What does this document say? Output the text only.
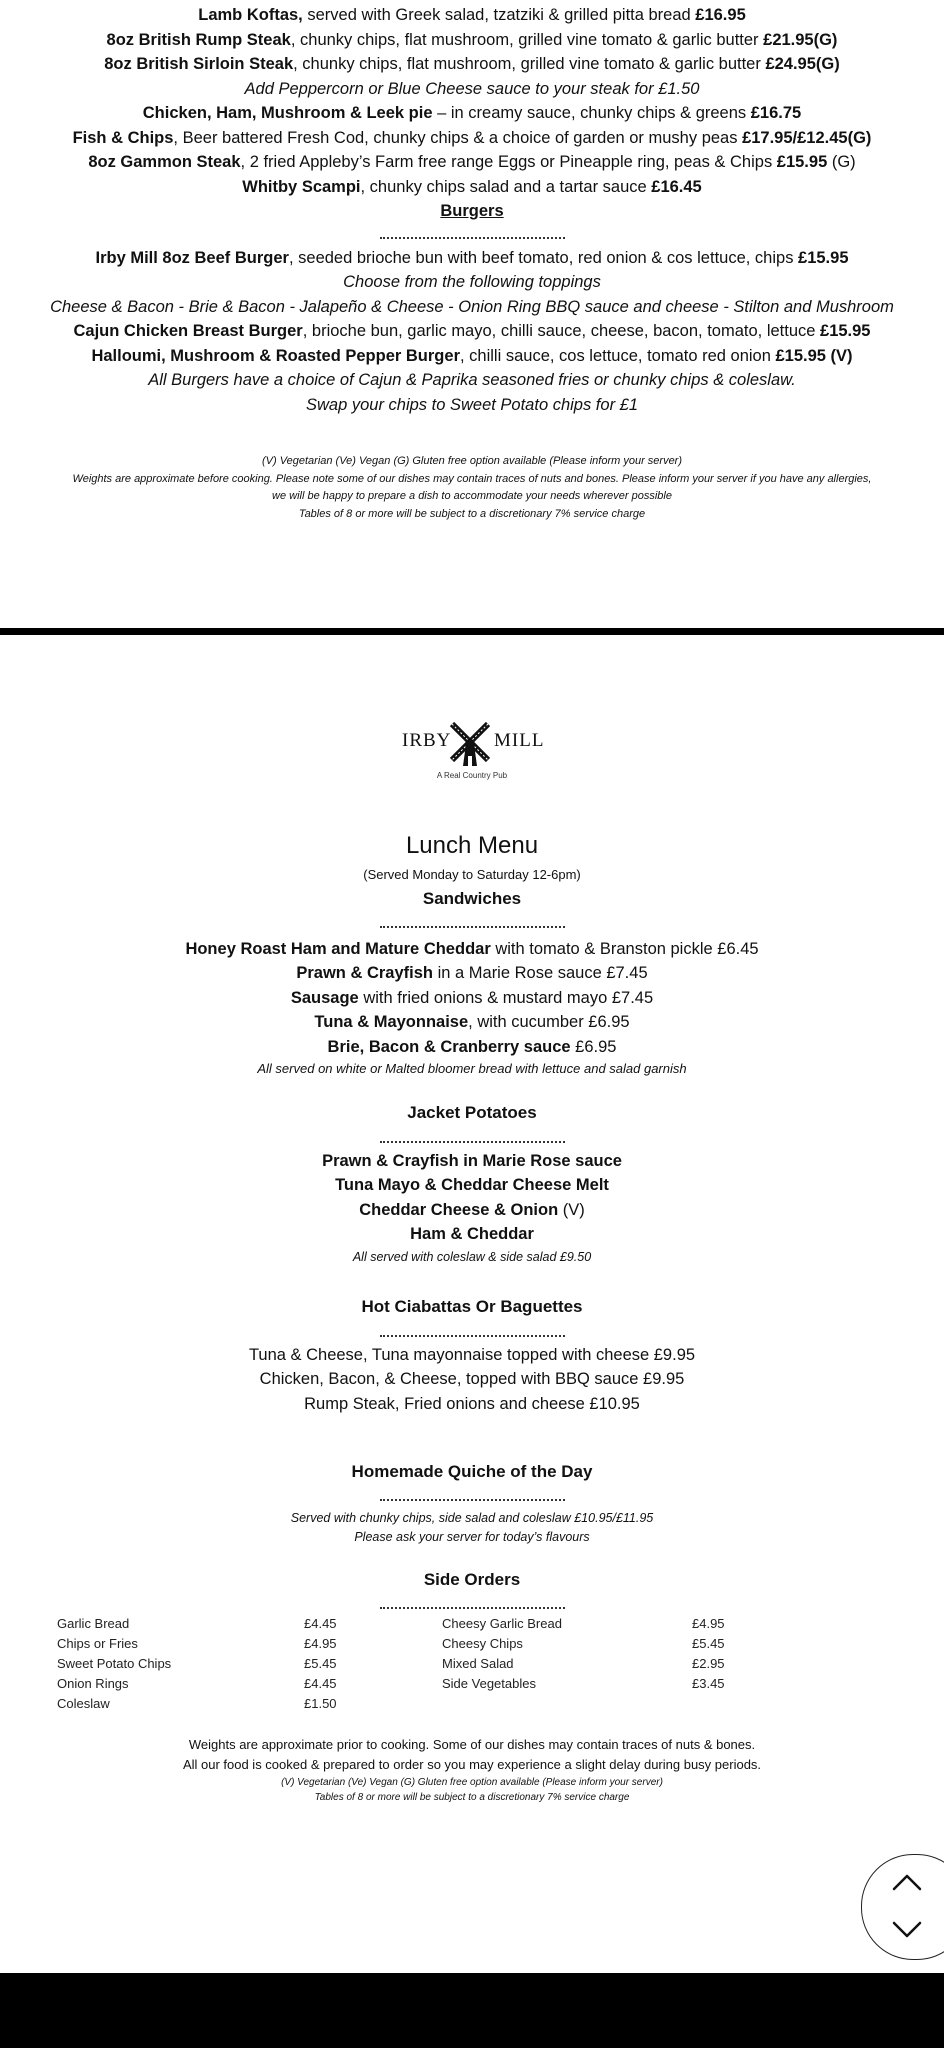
Lamb Koftas, served with Greek salad, tzatziki & grilled pitta bread £16.95
8oz British Rump Steak, chunky chips, flat mushroom, grilled vine tomato & garlic butter £21.95(G)
8oz British Sirloin Steak, chunky chips, flat mushroom, grilled vine tomato & garlic butter £24.95(G)
Add Peppercorn or Blue Cheese sauce to your steak for £1.50
Chicken, Ham, Mushroom & Leek pie – in creamy sauce, chunky chips & greens £16.75
Fish & Chips, Beer battered Fresh Cod, chunky chips & a choice of garden or mushy peas £17.95/£12.45(G)
8oz Gammon Steak, 2 fried Appleby’s Farm free range Eggs or Pineapple ring, peas & Chips £15.95 (G)
Whitby Scampi, chunky chips salad and a tartar sauce £16.45
Burgers
Irby Mill 8oz Beef Burger, seeded brioche bun with beef tomato, red onion & cos lettuce, chips £15.95
Choose from the following toppings
Cheese & Bacon - Brie & Bacon - Jalapeño & Cheese - Onion Ring BBQ sauce and cheese - Stilton and Mushroom
Cajun Chicken Breast Burger, brioche bun, garlic mayo, chilli sauce, cheese, bacon, tomato, lettuce £15.95
Halloumi, Mushroom & Roasted Pepper Burger, chilli sauce, cos lettuce, tomato red onion £15.95 (V)
All Burgers have a choice of Cajun & Paprika seasoned fries or chunky chips & coleslaw.
Swap your chips to Sweet Potato chips for £1
(V) Vegetarian (Ve) Vegan (G) Gluten free option available (Please inform your server)
Weights are approximate before cooking. Please note some of our dishes may contain traces of nuts and bones. Please inform your server if you have any allergies,
we will be happy to prepare a dish to accommodate your needs wherever possible
Tables of 8 or more will be subject to a discretionary 7% service charge
IRBY MILL
A Real Country Pub
Lunch Menu
(Served Monday to Saturday 12-6pm)
Sandwiches
Honey Roast Ham and Mature Cheddar with tomato & Branston pickle £6.45
Prawn & Crayfish in a Marie Rose sauce £7.45
Sausage with fried onions & mustard mayo £7.45
Tuna & Mayonnaise, with cucumber £6.95
Brie, Bacon & Cranberry sauce £6.95
All served on white or Malted bloomer bread with lettuce and salad garnish
Jacket Potatoes
Prawn & Crayfish in Marie Rose sauce
Tuna Mayo & Cheddar Cheese Melt
Cheddar Cheese & Onion (V)
Ham & Cheddar
All served with coleslaw & side salad £9.50
Hot Ciabattas Or Baguettes
Tuna & Cheese, Tuna mayonnaise topped with cheese £9.95
Chicken, Bacon, & Cheese, topped with BBQ sauce £9.95
Rump Steak, Fried onions and cheese £10.95
Homemade Quiche of the Day
Served with chunky chips, side salad and coleslaw £10.95/£11.95
Please ask your server for today’s flavours
Side Orders
Garlic Bread
Chips or Fries
Sweet Potato Chips
Onion Rings
Coleslaw
£4.45
£4.95
£5.45
£4.45
£1.50
Cheesy Garlic Bread
Cheesy Chips
Mixed Salad
Side Vegetables
£4.95
£5.45
£2.95
£3.45
Weights are approximate prior to cooking. Some of our dishes may contain traces of nuts & bones.
All our food is cooked & prepared to order so you may experience a slight delay during busy periods.
(V) Vegetarian (Ve) Vegan (G) Gluten free option available (Please inform your server)
Tables of 8 or more will be subject to a discretionary 7% service charge
